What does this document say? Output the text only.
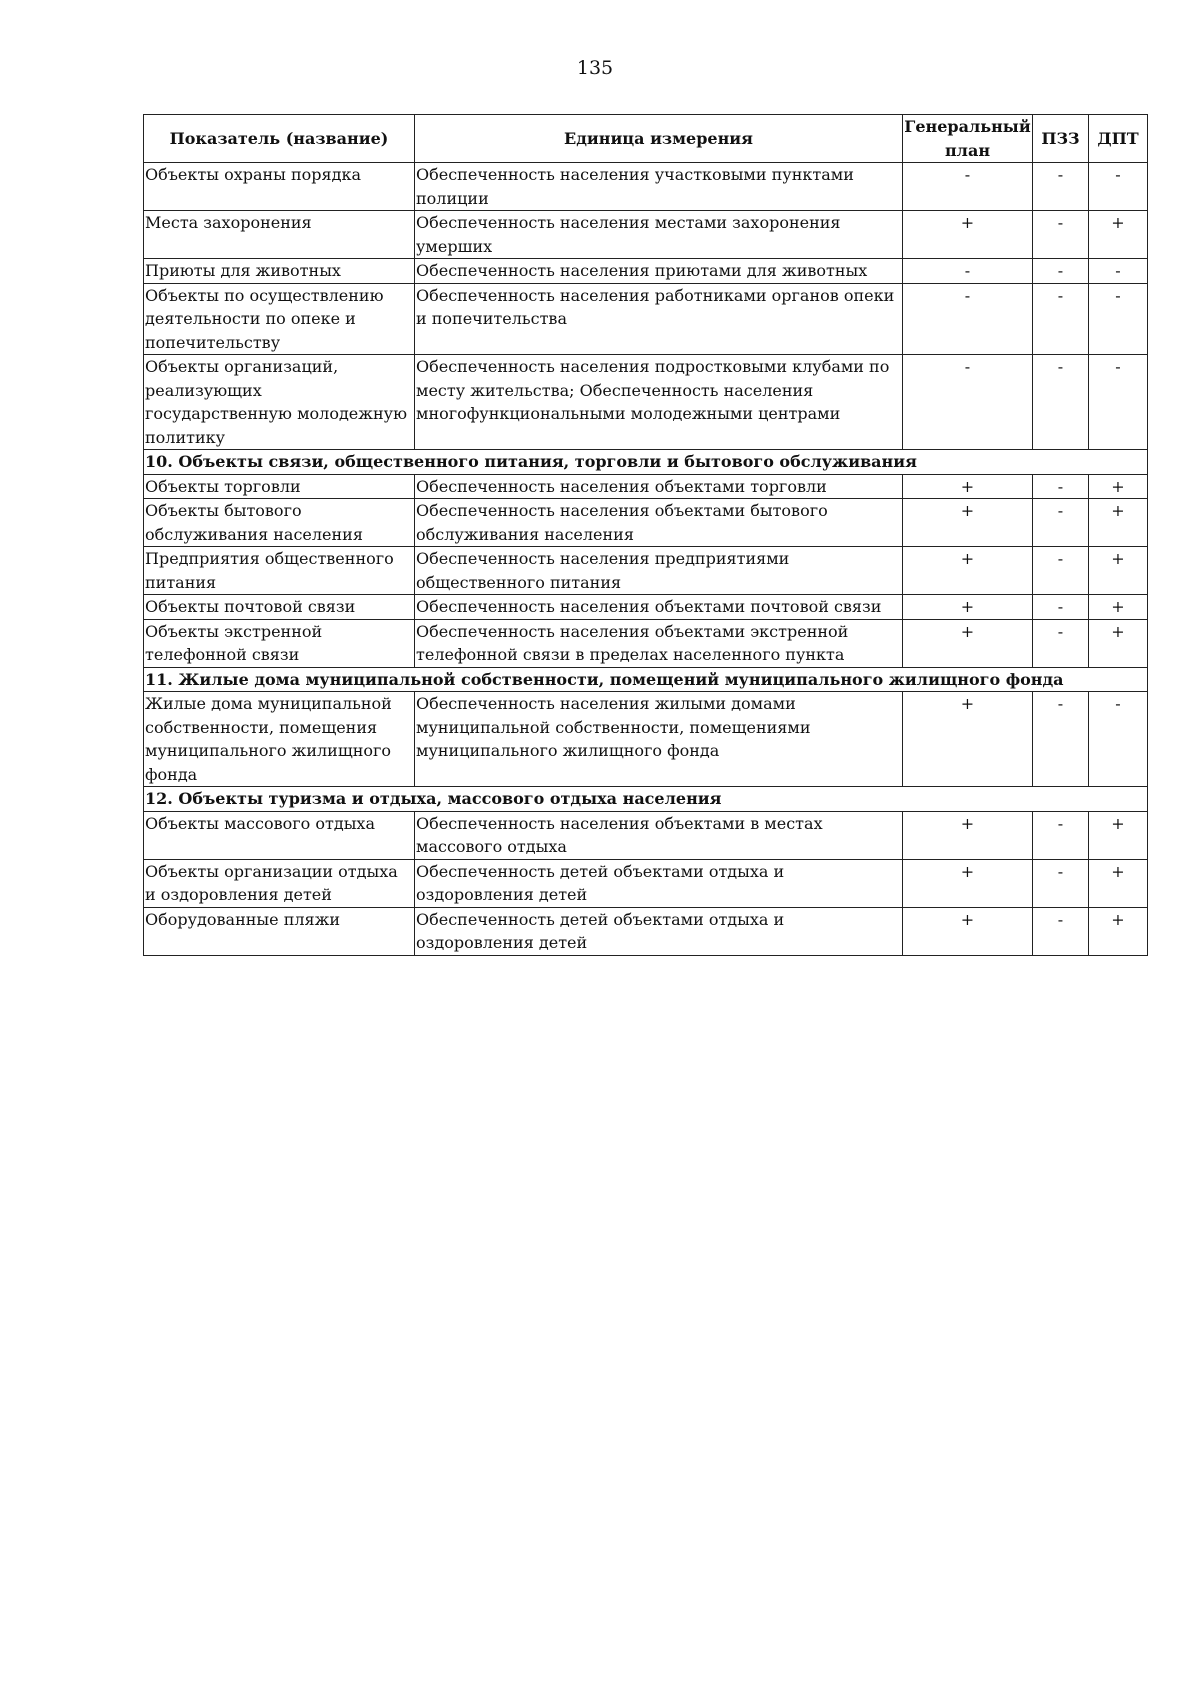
135
Показатель (название)	Единица измерения	Генеральный план	ПЗЗ	ДПТ
Объекты охраны порядка	Обеспеченность населения участковыми пунктами полиции	-	-	-
Места захоронения	Обеспеченность населения местами захоронения умерших	+	-	+
Приюты для животных	Обеспеченность населения приютами для животных	-	-	-
Объекты по осуществлению деятельности по опеке и попечительству	Обеспеченность населения работниками органов опеки и попечительства	-	-	-
Объекты организаций, реализующих государственную молодежную политику	Обеспеченность населения подростковыми клубами по месту жительства; Обеспеченность населения многофункциональными молодежными центрами	-	-	-
10. Объекты связи, общественного питания, торговли и бытового обслуживания				
Объекты торговли	Обеспеченность населения объектами торговли	+	-	+
Объекты бытового обслуживания населения	Обеспеченность населения объектами бытового обслуживания населения	+	-	+
Предприятия общественного питания	Обеспеченность населения предприятиями общественного питания	+	-	+
Объекты почтовой связи	Обеспеченность населения объектами почтовой связи	+	-	+
Объекты экстренной телефонной связи	Обеспеченность населения объектами экстренной телефонной связи в пределах населенного пункта	+	-	+
11. Жилые дома муниципальной собственности, помещений муниципального жилищного фонда				
Жилые дома муниципальной собственности, помещения муниципального жилищного фонда	Обеспеченность населения жилыми домами муниципальной собственности, помещениями муниципального жилищного фонда	+	-	-
12. Объекты туризма и отдыха, массового отдыха населения				
Объекты массового отдыха	Обеспеченность населения объектами в местах массового отдыха	+	-	+
Объекты организации отдыха и оздоровления детей	Обеспеченность детей объектами отдыха и оздоровления детей	+	-	+
Оборудованные пляжи	Обеспеченность детей объектами отдыха и оздоровления детей	+	-	+
